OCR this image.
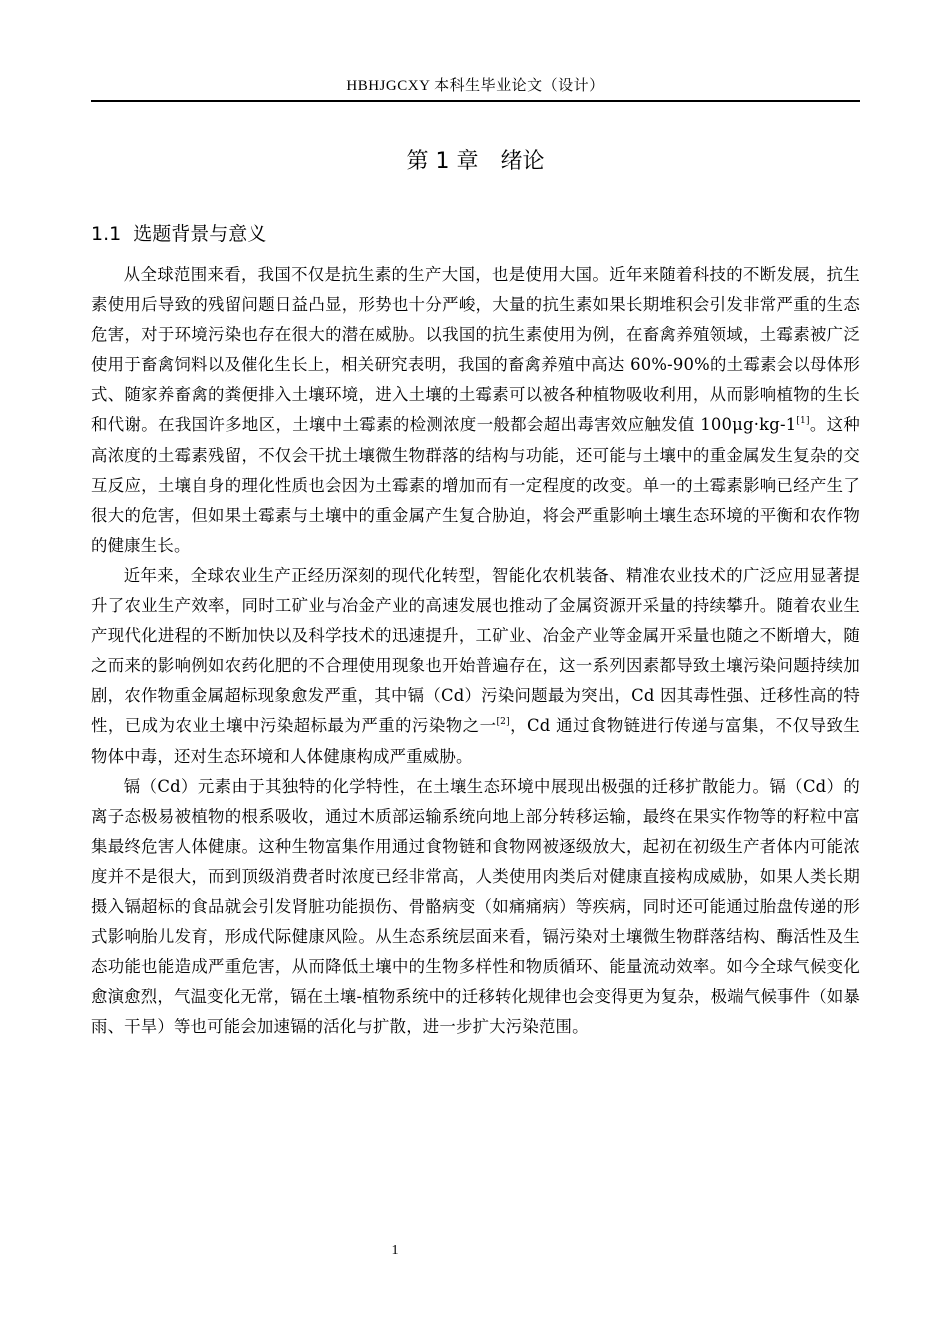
HBHJGCXY 本科生毕业论文（设计）
第 1 章　绪论
1.1  选题背景与意义

从全球范围来看，我国不仅是抗生素的生产大国，也是使用大国。近年来随着科技的不断发展，抗生素使用后导致的残留问题日益凸显，形势也十分严峻，大量的抗生素如果长期堆积会引发非常严重的生态危害，对于环境污染也存在很大的潜在威胁。以我国的抗生素使用为例，在畜禽养殖领域，土霉素被广泛使用于畜禽饲料以及催化生长上，相关研究表明，我国的畜禽养殖中高达 60%-90%的土霉素会以母体形式、随家养畜禽的粪便排入土壤环境，进入土壤的土霉素可以被各种植物吸收利用，从而影响植物的生长和代谢。在我国许多地区，土壤中土霉素的检测浓度一般都会超出毒害效应触发值 100μg·kg-1[1]。这种高浓度的土霉素残留，不仅会干扰土壤微生物群落的结构与功能，还可能与土壤中的重金属发生复杂的交互反应，土壤自身的理化性质也会因为土霉素的增加而有一定程度的改变。单一的土霉素影响已经产生了很大的危害，但如果土霉素与土壤中的重金属产生复合胁迫，将会严重影响土壤生态环境的平衡和农作物的健康生长。

近年来，全球农业生产正经历深刻的现代化转型，智能化农机装备、精准农业技术的广泛应用显著提升了农业生产效率，同时工矿业与冶金产业的高速发展也推动了金属资源开采量的持续攀升。随着农业生产现代化进程的不断加快以及科学技术的迅速提升，工矿业、冶金产业等金属开采量也随之不断增大，随之而来的影响例如农药化肥的不合理使用现象也开始普遍存在，这一系列因素都导致土壤污染问题持续加剧，农作物重金属超标现象愈发严重，其中镉（Cd）污染问题最为突出，Cd 因其毒性强、迁移性高的特性，已成为农业土壤中污染超标最为严重的污染物之一[2]，Cd 通过食物链进行传递与富集，不仅导致生物体中毒，还对生态环境和人体健康构成严重威胁。

镉（Cd）元素由于其独特的化学特性，在土壤生态环境中展现出极强的迁移扩散能力。镉（Cd）的离子态极易被植物的根系吸收，通过木质部运输系统向地上部分转移运输，最终在果实作物等的籽粒中富集最终危害人体健康。这种生物富集作用通过食物链和食物网被逐级放大，起初在初级生产者体内可能浓度并不是很大，而到顶级消费者时浓度已经非常高，人类使用肉类后对健康直接构成威胁，如果人类长期摄入镉超标的食品就会引发肾脏功能损伤、骨骼病变（如痛痛病）等疾病，同时还可能通过胎盘传递的形式影响胎儿发育，形成代际健康风险。从生态系统层面来看，镉污染对土壤微生物群落结构、酶活性及生态功能也能造成严重危害，从而降低土壤中的生物多样性和物质循环、能量流动效率。如今全球气候变化愈演愈烈，气温变化无常，镉在土壤-植物系统中的迁移转化规律也会变得更为复杂，极端气候事件（如暴雨、干旱）等也可能会加速镉的活化与扩散，进一步扩大污染范围。

1
